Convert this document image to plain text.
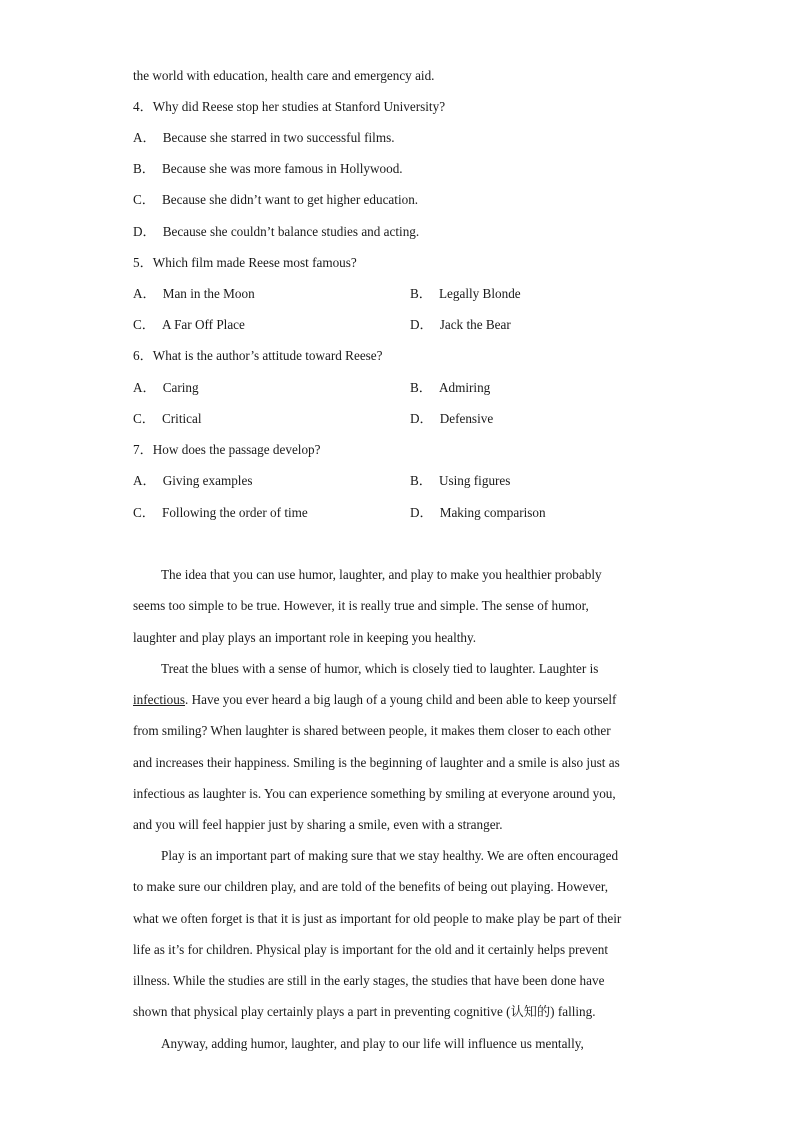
the world with education, health care and emergency aid.
4．Why did Reese stop her studies at Stanford University?
A． Because she starred in two successful films.
B． Because she was more famous in Hollywood.
C． Because she didn’t want to get higher education.
D． Because she couldn’t balance studies and acting.
5．Which film made Reese most famous?
A． Man in the Moon	B． Legally Blonde
C． A Far Off Place	D． Jack the Bear
6．What is the author’s attitude toward Reese?
A． Caring	B． Admiring
C． Critical	D． Defensive
7．How does the passage develop?
A． Giving examples	B． Using figures
C． Following the order of time	D． Making comparison
The idea that you can use humor, laughter, and play to make you healthier probably
seems too simple to be true. However, it is really true and simple. The sense of humor,
laughter and play plays an important role in keeping you healthy.
Treat the blues with a sense of humor, which is closely tied to laughter. Laughter is
infectious. Have you ever heard a big laugh of a young child and been able to keep yourself
from smiling? When laughter is shared between people, it makes them closer to each other
and increases their happiness. Smiling is the beginning of laughter and a smile is also just as
infectious as laughter is. You can experience something by smiling at everyone around you,
and you will feel happier just by sharing a smile, even with a stranger.
Play is an important part of making sure that we stay healthy. We are often encouraged
to make sure our children play, and are told of the benefits of being out playing. However,
what we often forget is that it is just as important for old people to make play be part of their
life as it’s for children. Physical play is important for the old and it certainly helps prevent
illness. While the studies are still in the early stages, the studies that have been done have
shown that physical play certainly plays a part in preventing cognitive (认知的) falling.
Anyway, adding humor, laughter, and play to our life will influence us mentally,
